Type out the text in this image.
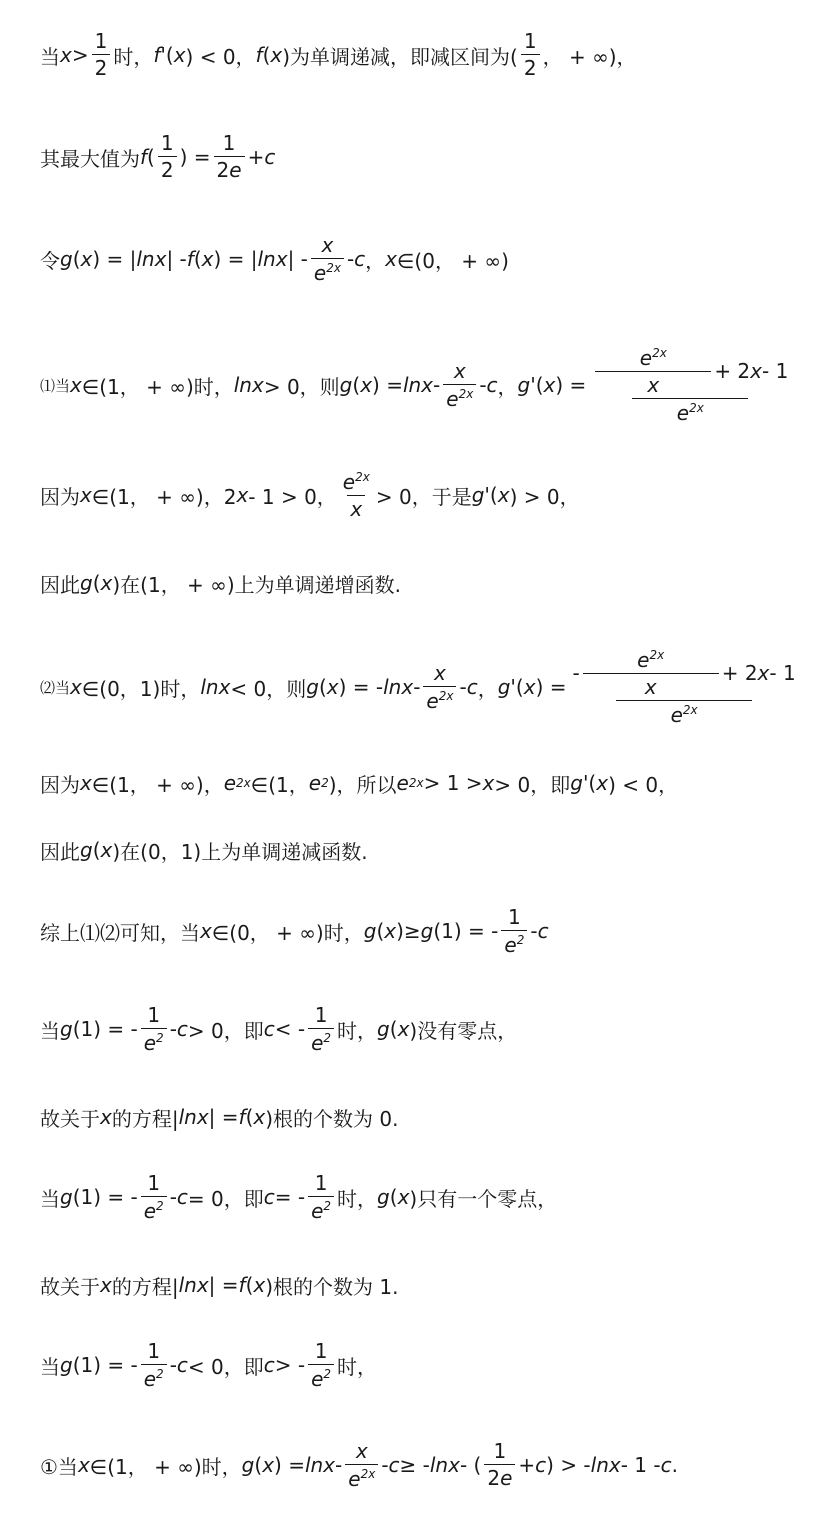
当 $x > \frac{1}{2}$ 时， f '( x ) < 0， f ( x )为单调递减，即减区间为( $\frac{1}{2}$ ， + ∞)，
其最大值为 f ( $\frac{1}{2}$ ) = $\frac{1}{2e} + c$
令 g ( x ) = | lnx | - f ( x ) = | lnx | - $\frac{x}{e^{2x}}$ - c ， x ∈(0， + ∞)
⑴当 x ∈(1， + ∞)时， lnx > 0，则 g ( x ) = lnx - $\frac{x}{e^{2x}}$ - c ， g '( x ) = $\frac{\frac{e^{2x}}{x} + 2 x - 1}{e^{2x}}$
因为 x ∈(1， + ∞)，2 x - 1 > 0， $\frac{e^{2x}}{x} > 0$，于是 g '( x ) > 0，
因此 g ( x )在(1， + ∞)上为单调递增函数.
⑵当 x ∈(0，1)时， lnx < 0，则 g ( x ) = - lnx - $\frac{x}{e^{2x}}$ - c ， g '( x ) =
- $\frac{e^{2x}}{x} + 2$ x - 1
$e^{2x}$
因为 x ∈(1， + ∞)， e 2x ∈(1， e 2 )，所以 e 2x > 1 > x > 0，即 g '( x ) < 0，
因此 g ( x )在(0，1)上为单调递减函数.
综上⑴⑵可知，当 x ∈(0， + ∞)时， g ( x )≥ g (1) = - $\frac{1}{e^2}$ - c
当 g (1) = - $\frac{1}{e^2} - c > 0$，即 c < - $\frac{1}{e^2}$ 时， g ( x )没有零点，
故关于 x 的方程| lnx | = f ( x )根的个数为 0.
当 g (1) = - $\frac{1}{e^2} - c = 0$，即 c = - $\frac{1}{e^2}$ 时， g ( x )只有一个零点，
故关于 x 的方程| lnx | = f ( x )根的个数为 1.
当 g (1) = - $\frac{1}{e^2} - c < 0$，即 c > - $\frac{1}{e^2}$ 时，
①当 x ∈(1， + ∞)时， g ( x ) = lnx - $\frac{x}{e^{2x}}$ - c ≥ - lnx - ( $\frac{1}{2e} + c$ ) > - lnx - 1 - c .
